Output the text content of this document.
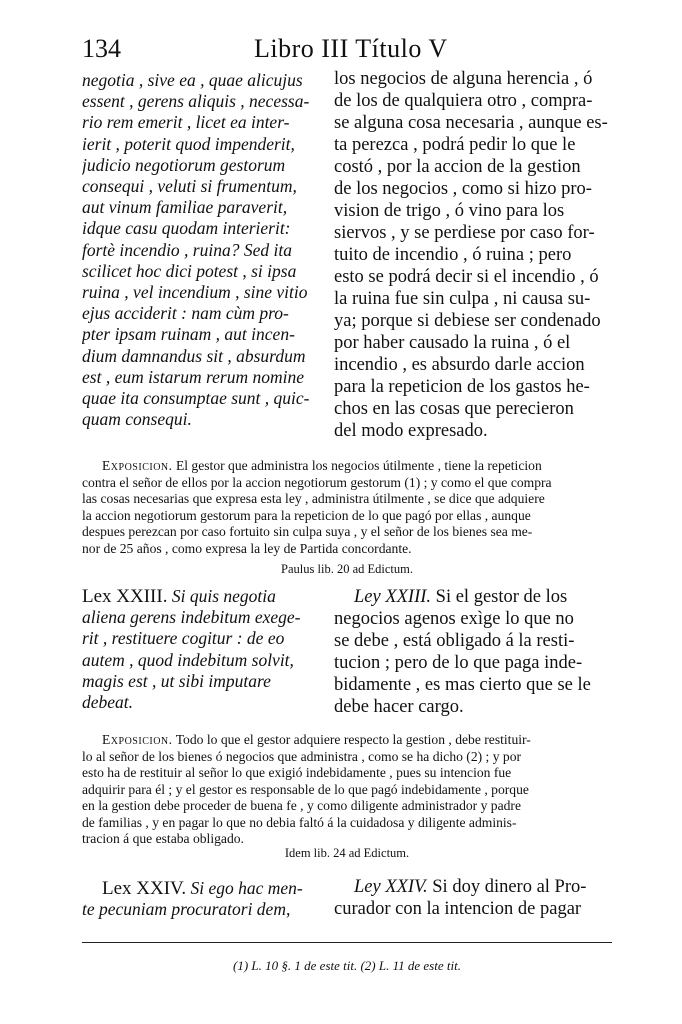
134	Libro III Título V
negotia , sive ea , quae alicujus
essent , gerens aliquis , necessa-
rio rem emerit , licet ea inter-
ierit , poterit quod impenderit,
judicio negotiorum gestorum
consequi , veluti si frumentum,
aut vinum familiae paraverit,
idque casu quodam interierit:
fortè incendio , ruina? Sed ita
scilicet hoc dici potest , si ipsa
ruina , vel incendium , sine vitio
ejus acciderit : nam cùm pro-
pter ipsam ruinam , aut incen-
dium damnandus sit , absurdum
est , eum istarum rerum nomine
quae ita consumptae sunt , quic-
quam consequi.
los negocios de alguna herencia , ó
de los de qualquiera otro , compra-
se alguna cosa necesaria , aunque es-
ta perezca , podrá pedir lo que le
costó , por la accion de la gestion
de los negocios , como si hizo pro-
vision de trigo , ó vino para los
siervos , y se perdiese por caso for-
tuito de incendio , ó ruina ; pero
esto se podrá decir si el incendio , ó
la ruina fue sin culpa , ni causa su-
ya; porque si debiese ser condenado
por haber causado la ruina , ó el
incendio , es absurdo darle accion
para la repeticion de los gastos he-
chos en las cosas que perecieron
del modo expresado.
Exposicion. El gestor que administra los negocios útilmente , tiene la repeticion
contra el señor de ellos por la accion negotiorum gestorum (1) ; y como el que compra
las cosas necesarias que expresa esta ley , administra útilmente , se dice que adquiere
la accion negotiorum gestorum para la repeticion de lo que pagó por ellas , aunque
despues perezcan por caso fortuito sin culpa suya , y el señor de los bienes sea me-
nor de 25 años , como expresa la ley de Partida concordante.
Paulus lib. 20 ad Edictum.
Lex XXIII. Si quis negotia
aliena gerens indebitum exege-
rit , restituere cogitur : de eo
autem , quod indebitum solvit,
magis est , ut sibi imputare
debeat.
Ley XXIII. Si el gestor de los
negocios agenos exìge lo que no
se debe , está obligado á la resti-
tucion ; pero de lo que paga inde-
bidamente , es mas cierto que se le
debe hacer cargo.
Exposicion. Todo lo que el gestor adquiere respecto la gestion , debe restituir-
lo al señor de los bienes ó negocios que administra , como se ha dicho (2) ; y por
esto ha de restituir al señor lo que exigió indebidamente , pues su intencion fue
adquirir para él ; y el gestor es responsable de lo que pagó indebidamente , porque
en la gestion debe proceder de buena fe , y como diligente administrador y padre
de familias , y en pagar lo que no debia faltó á la cuidadosa y diligente adminis-
tracion á que estaba obligado.
Idem lib. 24 ad Edictum.
Lex XXIV. Si ego hac men-
te pecuniam procuratori dem,
Ley XXIV. Si doy dinero al Pro-
curador con la intencion de pagar
(1) L. 10 §. 1 de este tit. (2) L. 11 de este tit.
